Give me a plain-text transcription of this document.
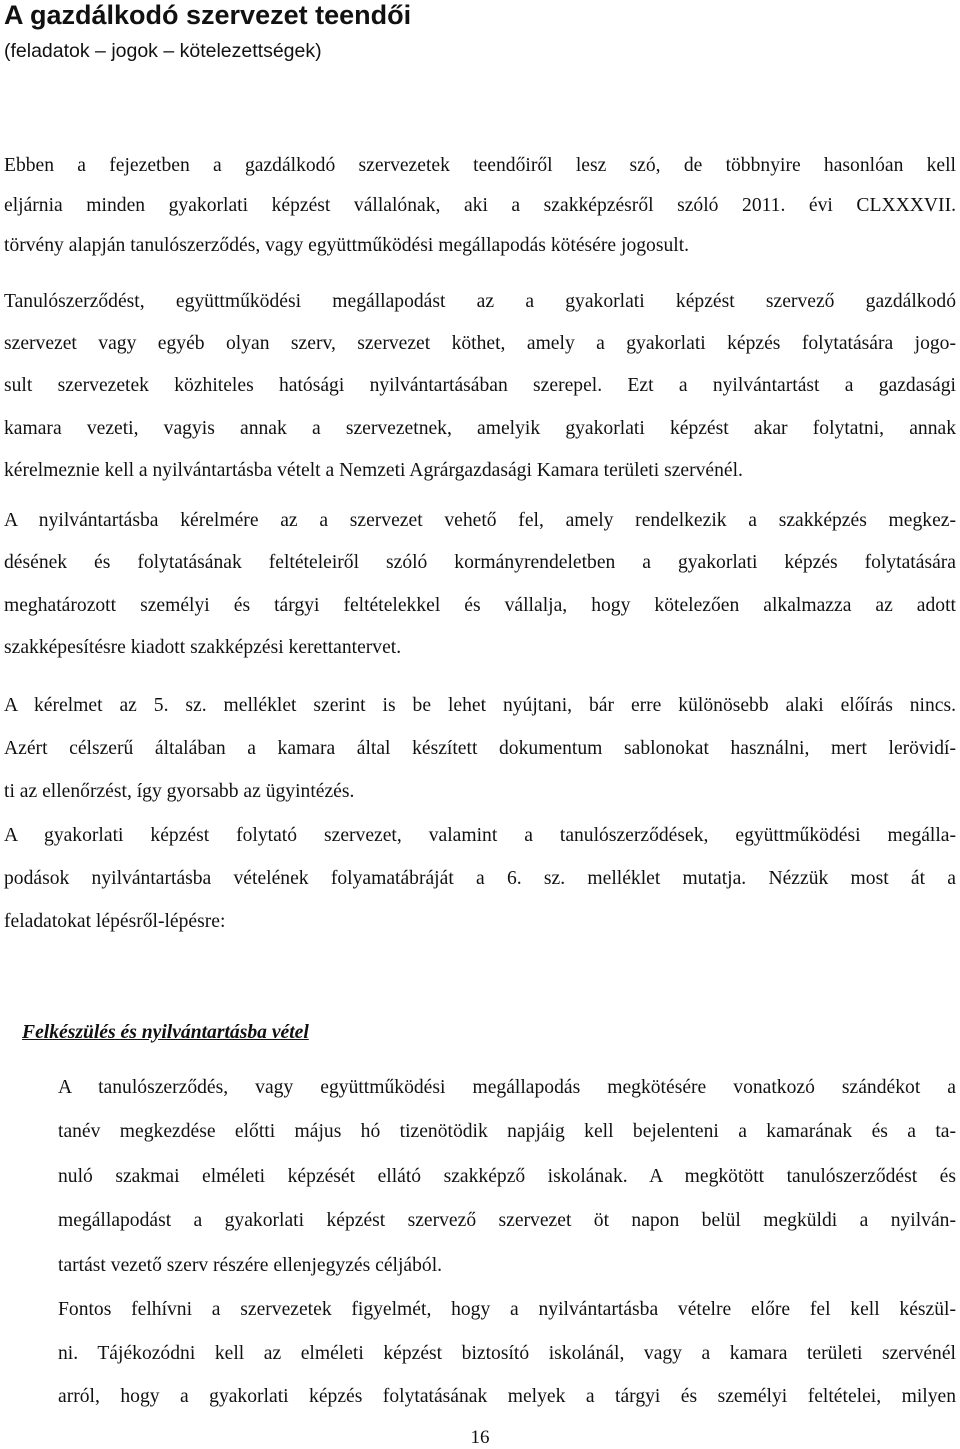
A gazdálkodó szervezet teendői
(feladatok – jogok – kötelezettségek)

Ebben a fejezetben a gazdálkodó szervezetek teendőiről lesz szó, de többnyire hasonlóan kell
eljárnia minden gyakorlati képzést vállalónak, aki a szakképzésről szóló 2011. évi CLXXXVII.
törvény alapján tanulószerződés, vagy együttműködési megállapodás kötésére jogosult.

Tanulószerződést, együttműködési megállapodást az a gyakorlati képzést szervező gazdálkodó
szervezet vagy egyéb olyan szerv, szervezet köthet, amely a gyakorlati képzés folytatására jogo-
sult szervezetek közhiteles hatósági nyilvántartásában szerepel. Ezt a nyilvántartást a gazdasági
kamara vezeti, vagyis annak a szervezetnek, amelyik gyakorlati képzést akar folytatni, annak
kérelmeznie kell a nyilvántartásba vételt a Nemzeti Agrárgazdasági Kamara területi szervénél.

A nyilvántartásba kérelmére az a szervezet vehető fel, amely rendelkezik a szakképzés megkez-
désének és folytatásának feltételeiről szóló kormányrendeletben a gyakorlati képzés folytatására
meghatározott személyi és tárgyi feltételekkel és vállalja, hogy kötelezően alkalmazza az adott
szakképesítésre kiadott szakképzési kerettantervet.

A kérelmet az 5. sz. melléklet szerint is be lehet nyújtani, bár erre különösebb alaki előírás nincs.
Azért célszerű általában a kamara által készített dokumentum sablonokat használni, mert lerövidí-
ti az ellenőrzést, így gyorsabb az ügyintézés.

A gyakorlati képzést folytató szervezet, valamint a tanulószerződések, együttműködési megálla-
podások nyilvántartásba vételének folyamatábráját a 6. sz. melléklet mutatja. Nézzük most át a
feladatokat lépésről-lépésre:

Felkészülés és nyilvántartásba vétel

A tanulószerződés, vagy együttműködési megállapodás megkötésére vonatkozó szándékot a
tanév megkezdése előtti május hó tizenötödik napjáig kell bejelenteni a kamarának és a ta-
nuló szakmai elméleti képzését ellátó szakképző iskolának. A megkötött tanulószerződést és
megállapodást a gyakorlati képzést szervező szervezet öt napon belül megküldi a nyilván-
tartást vezető szerv részére ellenjegyzés céljából.

Fontos felhívni a szervezetek figyelmét, hogy a nyilvántartásba vételre előre fel kell készül-
ni. Tájékozódni kell az elméleti képzést biztosító iskolánál, vagy a kamara területi szervénél
arról, hogy a gyakorlati képzés folytatásának melyek a tárgyi és személyi feltételei, milyen

16
